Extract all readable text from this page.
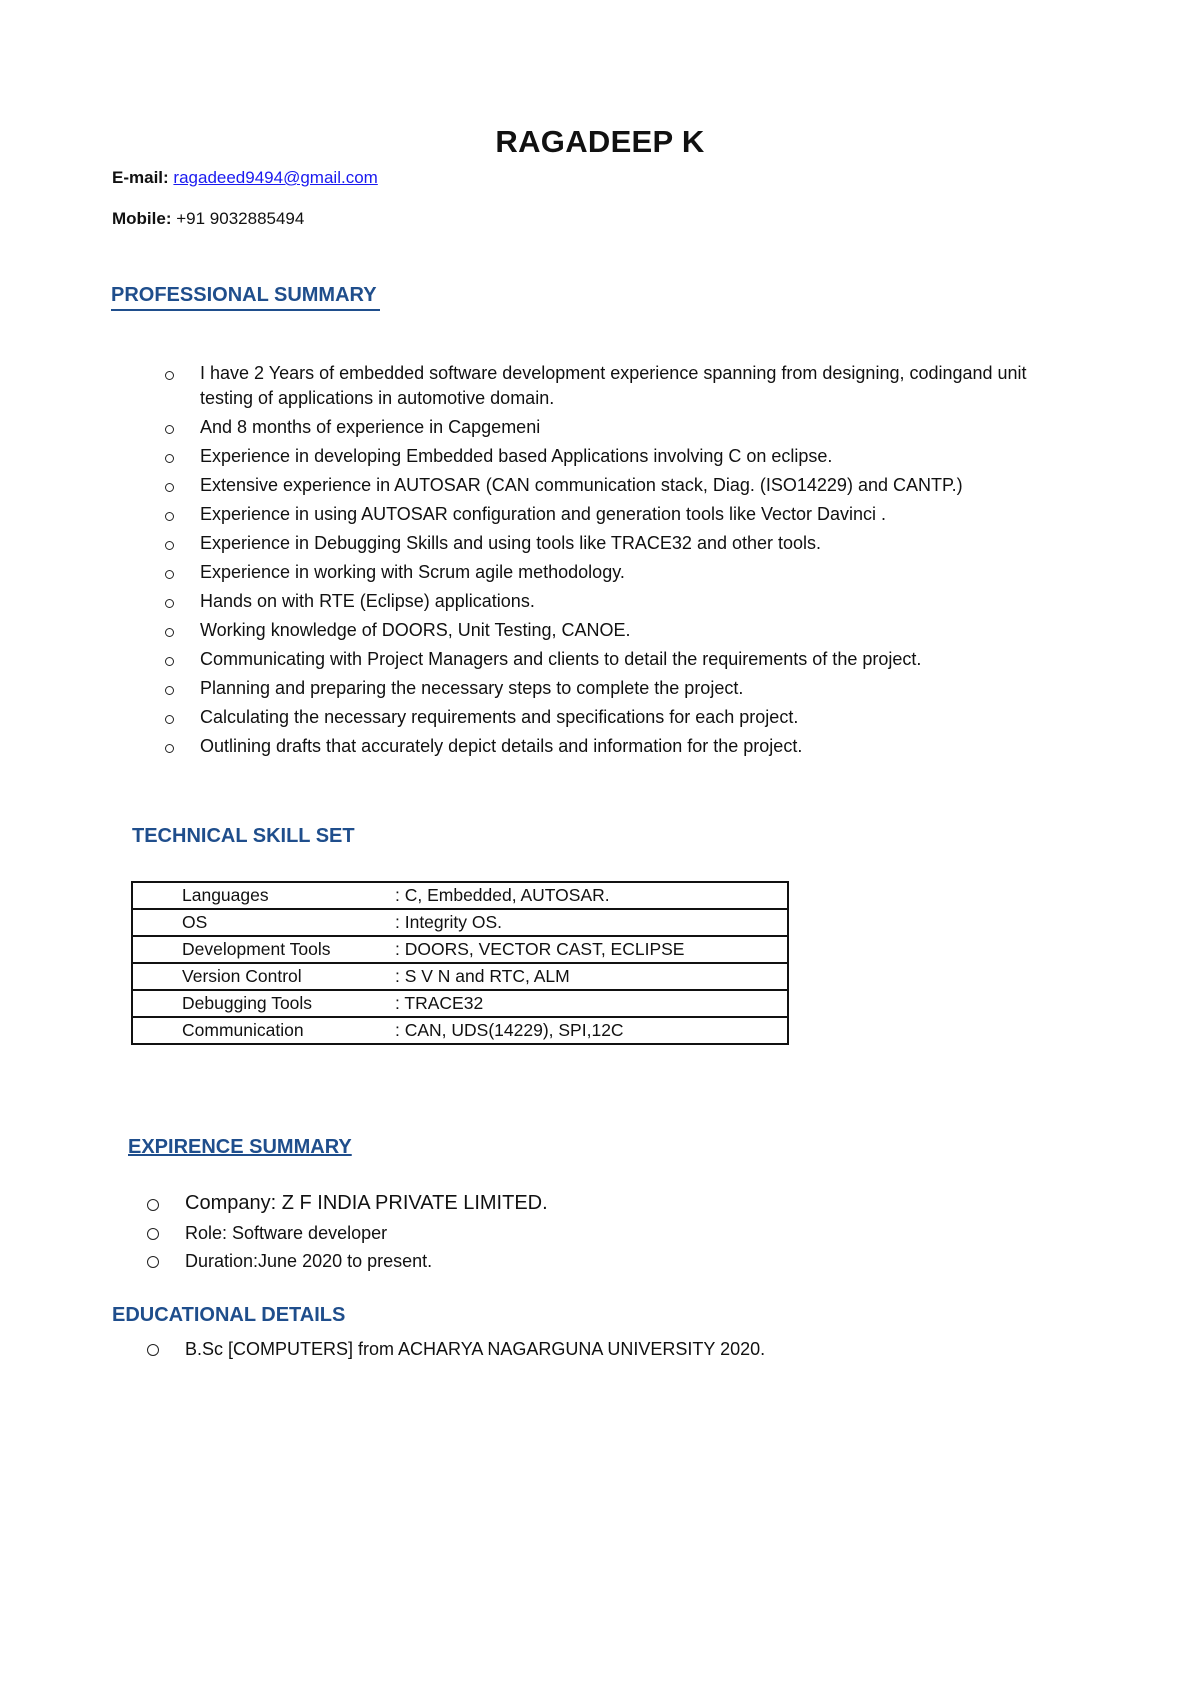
RAGADEEP K
E-mail: ragadeed9494@gmail.com
Mobile: +91 9032885494
PROFESSIONAL SUMMARY
I have 2 Years of embedded software development experience spanning from designing, codingand unit testing of applications in automotive domain.
And 8 months of experience in Capgemeni
Experience in developing Embedded based Applications involving C on eclipse.
Extensive experience in AUTOSAR (CAN communication stack, Diag. (ISO14229) and CANTP.)
Experience in using AUTOSAR configuration and generation tools like Vector Davinci .
Experience in Debugging Skills and using tools like TRACE32 and other tools.
Experience in working with Scrum agile methodology.
Hands on with RTE (Eclipse) applications.
Working knowledge of DOORS, Unit Testing, CANOE.
Communicating with Project Managers and clients to detail the requirements of the project.
Planning and preparing the necessary steps to complete the project.
Calculating the necessary requirements and specifications for each project.
Outlining drafts that accurately depict details and information for the project.
TECHNICAL SKILL SET
Languages	: C, Embedded, AUTOSAR.
OS	: Integrity OS.
Development Tools	: DOORS, VECTOR CAST, ECLIPSE
Version Control	: S V N and RTC, ALM
Debugging Tools	: TRACE32
Communication	: CAN, UDS(14229), SPI,12C
EXPIRENCE SUMMARY
Company: Z F INDIA PRIVATE LIMITED.
Role: Software developer
Duration:June 2020 to present.
EDUCATIONAL DETAILS
B.Sc [COMPUTERS] from ACHARYA NAGARGUNA UNIVERSITY 2020.
